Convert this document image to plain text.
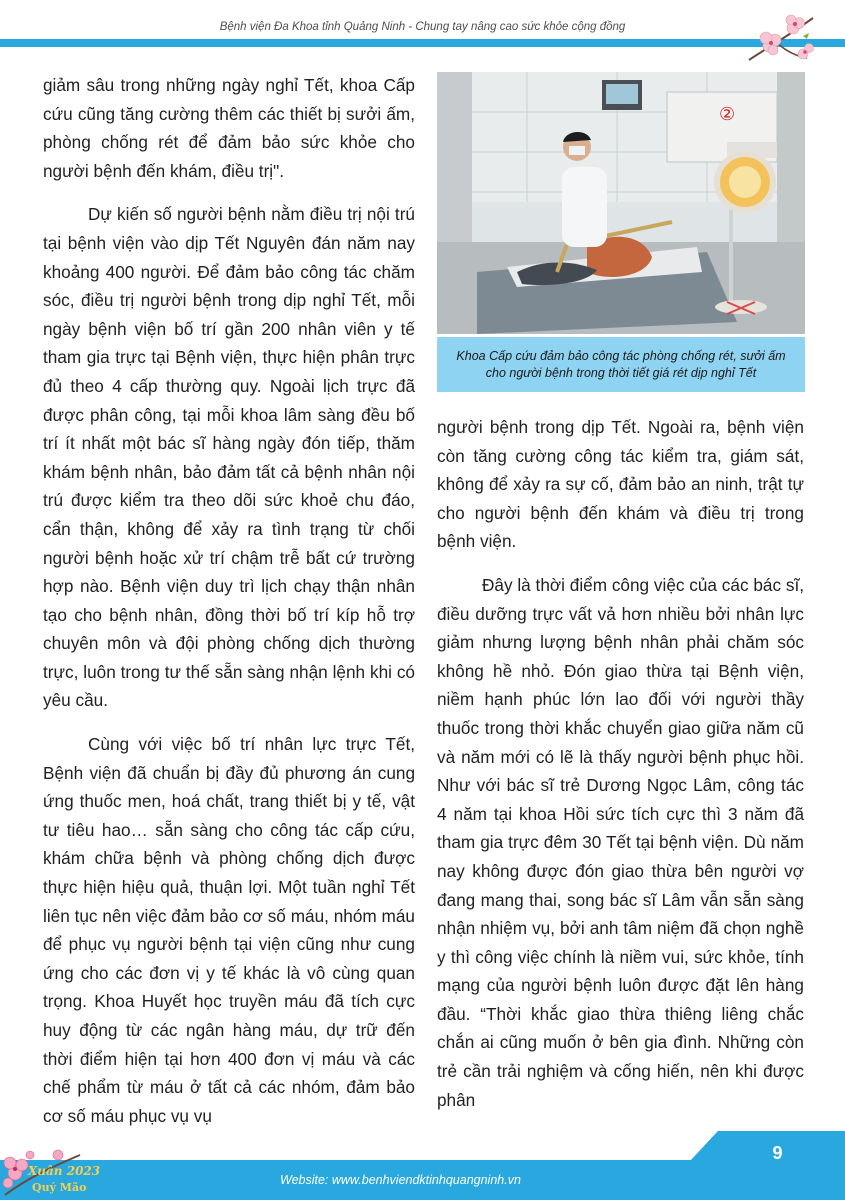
Bệnh viện Đa Khoa tỉnh Quảng Ninh - Chung tay nâng cao sức khỏe cộng đồng

giảm sâu trong những ngày nghỉ Tết, khoa Cấp cứu cũng tăng cường thêm các thiết bị sưởi ấm, phòng chống rét để đảm bảo sức khỏe cho người bệnh đến khám, điều trị".

Dự kiến số người bệnh nằm điều trị nội trú tại bệnh viện vào dịp Tết Nguyên đán năm nay khoảng 400 người. Để đảm bảo công tác chăm sóc, điều trị người bệnh trong dịp nghỉ Tết, mỗi ngày bệnh viện bố trí gần 200 nhân viên y tế tham gia trực tại Bệnh viện, thực hiện phân trực đủ theo 4 cấp thường quy. Ngoài lịch trực đã được phân công, tại mỗi khoa lâm sàng đều bố trí ít nhất một bác sĩ hàng ngày đón tiếp, thăm khám bệnh nhân, bảo đảm tất cả bệnh nhân nội trú được kiểm tra theo dõi sức khoẻ chu đáo, cẩn thận, không để xảy ra tình trạng từ chối người bệnh hoặc xử trí chậm trễ bất cứ trường hợp nào. Bệnh viện duy trì lịch chạy thận nhân tạo cho bệnh nhân, đồng thời bố trí kíp hỗ trợ chuyên môn và đội phòng chống dịch thường trực, luôn trong tư thế sẵn sàng nhận lệnh khi có yêu cầu.

Cùng với việc bố trí nhân lực trực Tết, Bệnh viện đã chuẩn bị đầy đủ phương án cung ứng thuốc men, hoá chất, trang thiết bị y tế, vật tư tiêu hao… sẵn sàng cho công tác cấp cứu, khám chữa bệnh và phòng chống dịch được thực hiện hiệu quả, thuận lợi. Một tuần nghỉ Tết liên tục nên việc đảm bảo cơ số máu, nhóm máu để phục vụ người bệnh tại viện cũng như cung ứng cho các đơn vị y tế khác là vô cùng quan trọng. Khoa Huyết học truyền máu đã tích cực huy động từ các ngân hàng máu, dự trữ đến thời điểm hiện tại hơn 400 đơn vị máu và các chế phẩm từ máu ở tất cả các nhóm, đảm bảo cơ số máu phục vụ vụ

②
Khoa Cấp cứu đảm bảo công tác phòng chống rét, sưởi ấm cho người bệnh trong thời tiết giá rét dịp nghỉ Tết

người bệnh trong dịp Tết. Ngoài ra, bệnh viện còn tăng cường công tác kiểm tra, giám sát, không để xảy ra sự cố, đảm bảo an ninh, trật tự cho người bệnh đến khám và điều trị trong bệnh viện.

Đây là thời điểm công việc của các bác sĩ, điều dưỡng trực vất vả hơn nhiều bởi nhân lực giảm nhưng lượng bệnh nhân phải chăm sóc không hề nhỏ. Đón giao thừa tại Bệnh viện, niềm hạnh phúc lớn lao đối với người thầy thuốc trong thời khắc chuyển giao giữa năm cũ và năm mới có lẽ là thấy người bệnh phục hồi. Như với bác sĩ trẻ Dương Ngọc Lâm, công tác 4 năm tại khoa Hồi sức tích cực thì 3 năm đã tham gia trực đêm 30 Tết tại bệnh viện. Dù năm nay không được đón giao thừa bên người vợ đang mang thai, song bác sĩ Lâm vẫn sẵn sàng nhận nhiệm vụ, bởi anh tâm niệm đã chọn nghề y thì công việc chính là niềm vui, sức khỏe, tính mạng của người bệnh luôn được đặt lên hàng đầu. “Thời khắc giao thừa thiêng liêng chắc chắn ai cũng muốn ở bên gia đình. Những còn trẻ cần trải nghiệm và cống hiến, nên khi được phân

Website: www.benhviendktinhquangninh.vn
9
Xuân 2023
Quý Mão
